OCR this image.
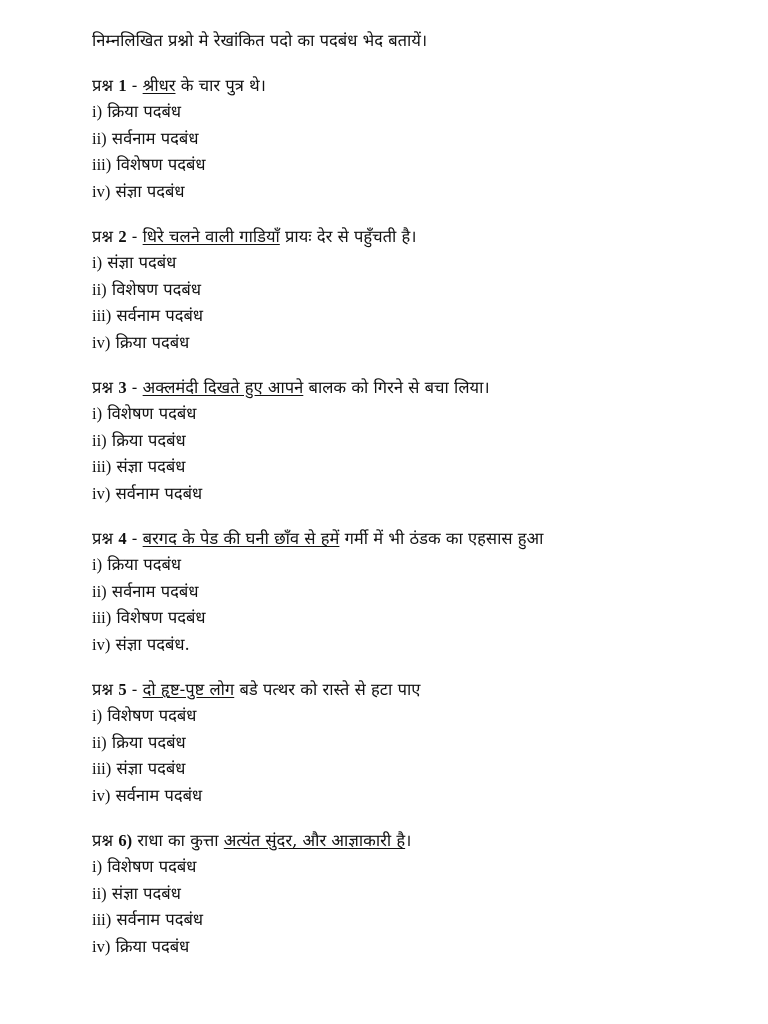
निम्नलिखित प्रश्नो मे रेखांकित पदो का पदबंध भेद बतायें।
प्रश्न 1 - श्रीधर के चार पुत्र थे।
i) क्रिया पदबंध
ii) सर्वनाम पदबंध
iii) विशेषण पदबंध
iv) संज्ञा पदबंध
प्रश्न 2 - धिरे चलने वाली गाडियाँ प्रायः देर से पहुँचती है।
i) संज्ञा पदबंध
ii) विशेषण पदबंध
iii) सर्वनाम पदबंध
iv) क्रिया पदबंध
प्रश्न 3 - अक्लमंदी दिखते हुए आपने बालक को गिरने से बचा लिया।
i) विशेषण पदबंध
ii) क्रिया पदबंध
iii) संज्ञा पदबंध
iv) सर्वनाम पदबंध
प्रश्न 4 - बरगद के पेड की घनी छाँव से हमें गर्मी में भी ठंडक का एहसास हुआ
i) क्रिया पदबंध
ii) सर्वनाम पदबंध
iii) विशेषण पदबंध
iv) संज्ञा पदबंध.
प्रश्न 5 - दो हृष्ट-पुष्ट लोग बडे पत्थर को रास्ते से हटा पाए
i) विशेषण पदबंध
ii) क्रिया पदबंध
iii) संज्ञा पदबंध
iv) सर्वनाम पदबंध
प्रश्न 6) राधा का कुत्ता अत्यंत सुंदर, और आज्ञाकारी है।
i) विशेषण पदबंध
ii) संज्ञा पदबंध
iii) सर्वनाम पदबंध
iv) क्रिया पदबंध
